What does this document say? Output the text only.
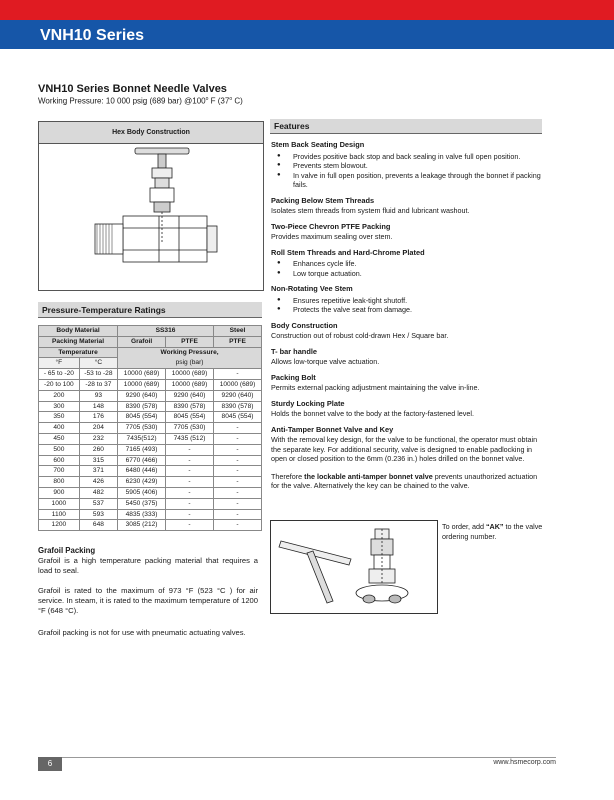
VNH10 Series
VNH10 Series Bonnet Needle Valves
Working Pressure: 10 000 psig (689 bar) @100$^o$ F (37$^o$ C)
Hex Body Construction
Pressure-Temperature Ratings
Body Material		SS316		Steel
Packing Material		Grafoil	PTFE	PTFE
Temperature		Working Pressure,
psig (bar)		

°F	°C			
- 65 to -20	-53 to -28	10000 (689)	10000 (689)	-
-20 to 100	-28 to 37	10000 (689)	10000 (689)	10000 (689)
200	93	9290 (640)	9290 (640)	9290 (640)
300	148	8390 (578)	8390 (578)	8390 (578)
350	176	8045 (554)	8045 (554)	8045 (554)
400	204	7705 (530)	7705 (530)	-
450	232	7435(512)	7435 (512)	-
500	260	7165 (493)	-	-
600	315	6770 (466)	-	-
700	371	6480 (446)	-	-
800	426	6230 (429)	-	-
900	482	5905 (406)	-	-
1000	537	5450 (375)	-	-
1100	593	4835 (333)	-	-
1200	648	3085 (212)	-	-
Grafoil Packing
Grafoil is a high temperature packing material that requires a load to seal.
Grafoil is rated to the maximum of 973 °F (523 °C ) for air service. In steam, it is rated to the maximum temperature of 1200 °F (648 °C).
Grafoil packing is not for use with pneumatic actuating valves.
Features
Stem Back Seating Design
● Provides positive back stop and back sealing in valve full open position.
● Prevents stem blowout.
● In valve in full open position, prevents a leakage through the bonnet if packing fails.
Packing Below Stem Threads

Isolates stem threads from system fluid and lubricant washout.

Two-Piece Chevron PTFE Packing

Provides maximum sealing over stem.

Roll Stem Threads and Hard-Chrome Plated
● Enhances cycle life.
● Low torque actuation.
Non-Rotating Vee Stem
● Ensures repetitive leak-tight shutoff.
● Protects the valve seat from damage.
Body Construction

Construction out of robust cold-drawn Hex / Square bar.

T- bar handle

Allows low-torque valve actuation.

Packing Bolt

Permits external packing adjustment maintaining the valve in-line.

Sturdy Locking Plate

Holds the bonnet valve to the body at the factory-fastened level.

Anti-Tamper Bonnet Valve and Key

With the removal key design, for the valve to be functional, the operator must obtain the separate key. For additional security, valve is designed to enable padlocking in open or closed position to the 6mm (0.236 in.) holes drilled on the bonnet valve.

Therefore the lockable anti-tamper bonnet valve prevents unauthorized actuation for the valve. Alternatively the key can be chained to the valve.

To order, add “AK” to the valve ordering number.
6	www.hsmecorp.com
